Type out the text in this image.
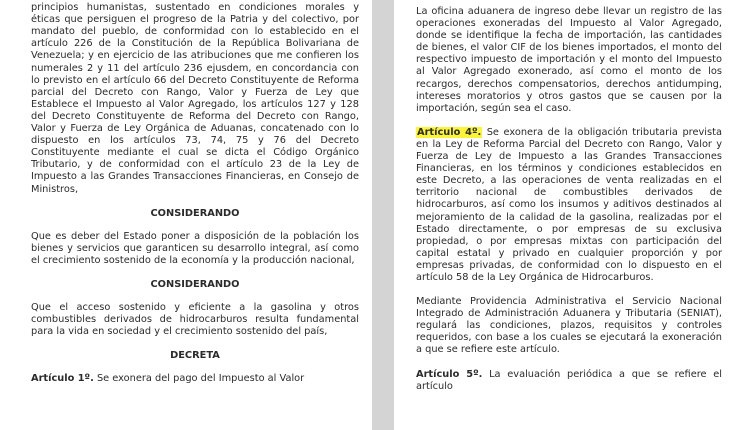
principios humanistas, sustentado en condiciones morales y éticas que persiguen el progreso de la Patria y del colectivo, por mandato del pueblo, de conformidad con lo establecido en el artículo 226 de la Constitución de la República Bolivariana de Venezuela; y en ejercicio de las atribuciones que me confieren los numerales 2 y 11 del artículo 236 ejusdem, en concordancia con lo previsto en el artículo 66 del Decreto Constituyente de Reforma parcial del Decreto con Rango, Valor y Fuerza de Ley que Establece el Impuesto al Valor Agregado, los artículos 127 y 128 del Decreto Constituyente de Reforma del Decreto con Rango, Valor y Fuerza de Ley Orgánica de Aduanas, concatenado con lo dispuesto en los artículos 73, 74, 75 y 76 del Decreto Constituyente mediante el cual se dicta el Código Orgánico Tributario, y de conformidad con el artículo 23 de la Ley de Impuesto a las Grandes Transacciones Financieras, en Consejo de Ministros,

CONSIDERANDO

Que es deber del Estado poner a disposición de la población los bienes y servicios que garanticen su desarrollo integral, así como el crecimiento sostenido de la economía y la producción nacional,

CONSIDERANDO

Que el acceso sostenido y eficiente a la gasolina y otros combustibles derivados de hidrocarburos resulta fundamental para la vida en sociedad y el crecimiento sostenido del país,

DECRETA

Artículo 1º. Se exonera del pago del Impuesto al Valor

La oficina aduanera de ingreso debe llevar un registro de las operaciones exoneradas del Impuesto al Valor Agregado, donde se identifique la fecha de importación, las cantidades de bienes, el valor CIF de los bienes importados, el monto del respectivo impuesto de importación y el monto del Impuesto al Valor Agregado exonerado, así como el monto de los recargos, derechos compensatorios, derechos antidumping, intereses moratorios y otros gastos que se causen por la importación, según sea el caso.

Artículo 4º. Se exonera de la obligación tributaria prevista en la Ley de Reforma Parcial del Decreto con Rango, Valor y Fuerza de Ley de Impuesto a las Grandes Transacciones Financieras, en los términos y condiciones establecidos en este Decreto, a las operaciones de venta realizadas en el territorio nacional de combustibles derivados de hidrocarburos, así como los insumos y aditivos destinados al mejoramiento de la calidad de la gasolina, realizadas por el Estado directamente, o por empresas de su exclusiva propiedad, o por empresas mixtas con participación del capital estatal y privado en cualquier proporción y por empresas privadas, de conformidad con lo dispuesto en el artículo 58 de la Ley Orgánica de Hidrocarburos.

Mediante Providencia Administrativa el Servicio Nacional Integrado de Administración Aduanera y Tributaria (SENIAT), regulará las condiciones, plazos, requisitos y controles requeridos, con base a los cuales se ejecutará la exoneración a que se refiere este artículo.

Artículo 5º. La evaluación periódica a que se refiere el artículo
